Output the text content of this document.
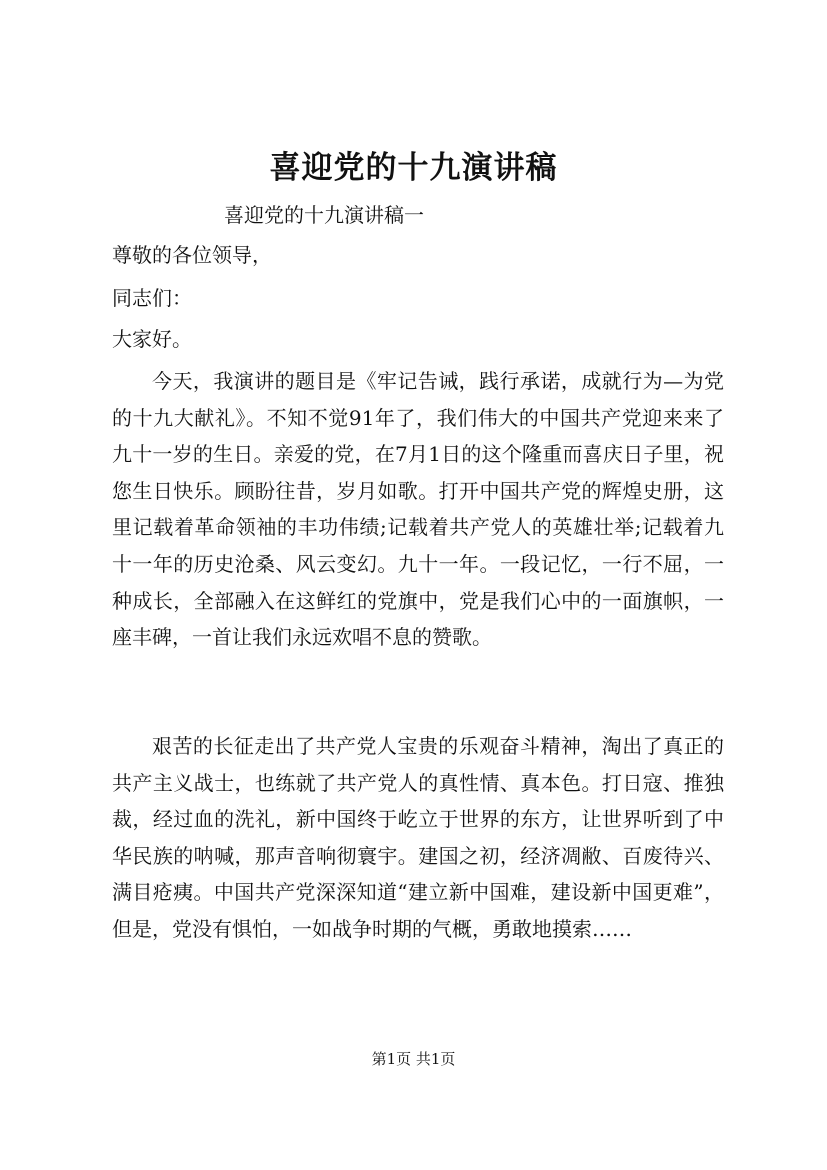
喜迎党的十九演讲稿
喜迎党的十九演讲稿一
尊敬的各位领导，
同志们：
大家好。

今天，我演讲的题目是《牢记告诫，践行承诺，成就行为—为党的十九大献礼》。不知不觉91年了，我们伟大的中国共产党迎来来了九十一岁的生日。亲爱的党，在7月1日的这个隆重而喜庆日子里，祝您生日快乐。顾盼往昔，岁月如歌。打开中国共产党的辉煌史册，这里记载着革命领袖的丰功伟绩;记载着共产党人的英雄壮举;记载着九十一年的历史沧桑、风云变幻。九十一年。一段记忆，一行不屈，一种成长，全部融入在这鲜红的党旗中，党是我们心中的一面旗帜，一座丰碑，一首让我们永远欢唱不息的赞歌。

艰苦的长征走出了共产党人宝贵的乐观奋斗精神，淘出了真正的共产主义战士，也练就了共产党人的真性情、真本色。打日寇、推独裁，经过血的洗礼，新中国终于屹立于世界的东方，让世界听到了中华民族的呐喊，那声音响彻寰宇。建国之初，经济凋敝、百废待兴、满目疮痍。中国共产党深深知道“建立新中国难，建设新中国更难”，但是，党没有惧怕，一如战争时期的气概，勇敢地摸索……

第1页 共1页
